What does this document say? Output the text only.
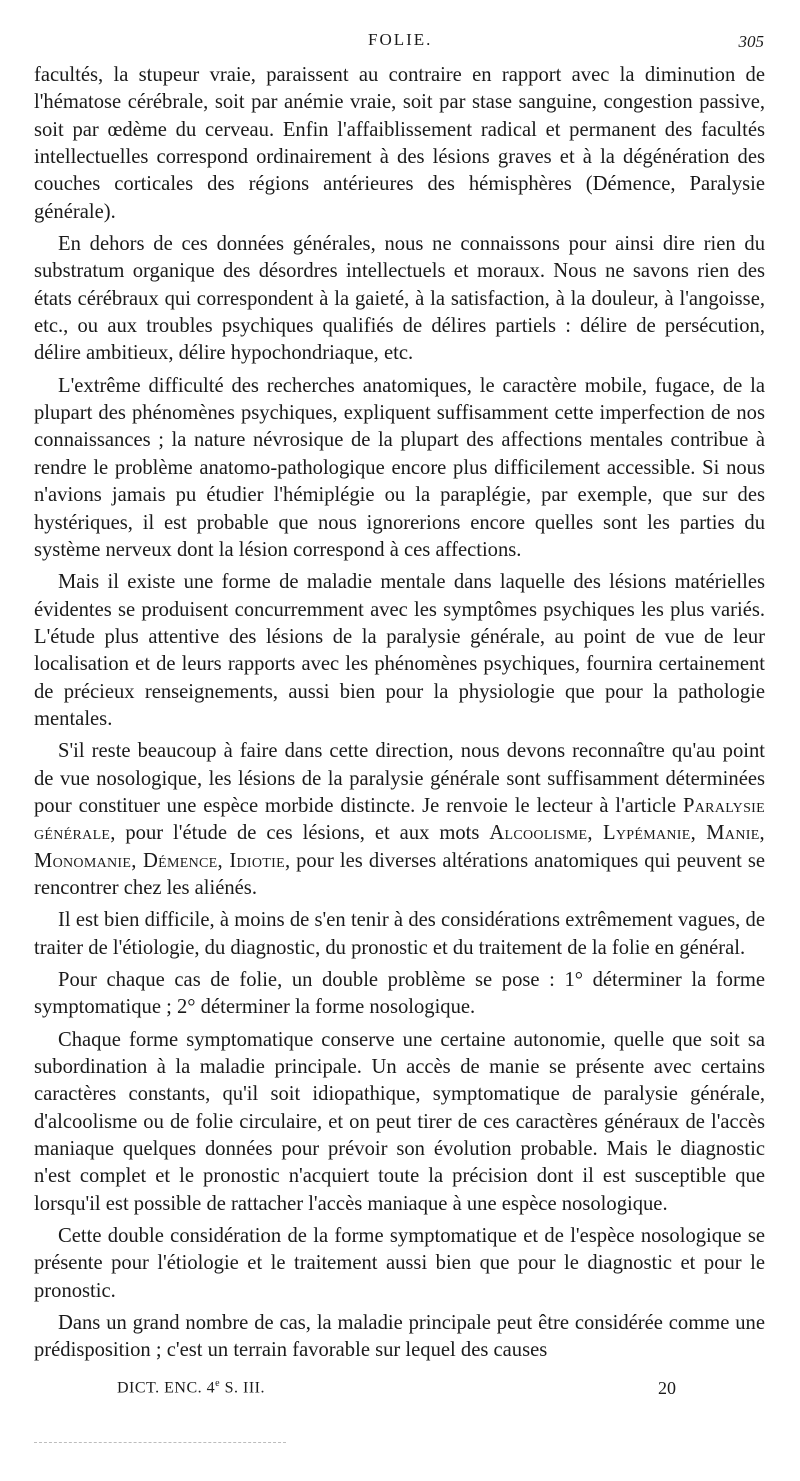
FOLIE.	305

facultés, la stupeur vraie, paraissent au contraire en rapport avec la diminution de l'hématose cérébrale, soit par anémie vraie, soit par stase sanguine, congestion passive, soit par œdème du cerveau. Enfin l'affaiblissement radical et permanent des facultés intellectuelles correspond ordinairement à des lésions graves et à la dégénération des couches corticales des régions antérieures des hémisphères (Démence, Paralysie générale).

En dehors de ces données générales, nous ne connaissons pour ainsi dire rien du substratum organique des désordres intellectuels et moraux. Nous ne savons rien des états cérébraux qui correspondent à la gaieté, à la satisfaction, à la douleur, à l'angoisse, etc., ou aux troubles psychiques qualifiés de délires partiels : délire de persécution, délire ambitieux, délire hypochondriaque, etc.

L'extrême difficulté des recherches anatomiques, le caractère mobile, fugace, de la plupart des phénomènes psychiques, expliquent suffisamment cette imperfection de nos connaissances ; la nature névrosique de la plupart des affections mentales contribue à rendre le problème anatomo-pathologique encore plus difficilement accessible. Si nous n'avions jamais pu étudier l'hémiplégie ou la paraplégie, par exemple, que sur des hystériques, il est probable que nous ignorerions encore quelles sont les parties du système nerveux dont la lésion correspond à ces affections.

Mais il existe une forme de maladie mentale dans laquelle des lésions matérielles évidentes se produisent concurremment avec les symptômes psychiques les plus variés. L'étude plus attentive des lésions de la paralysie générale, au point de vue de leur localisation et de leurs rapports avec les phénomènes psychiques, fournira certainement de précieux renseignements, aussi bien pour la physiologie que pour la pathologie mentales.

S'il reste beaucoup à faire dans cette direction, nous devons reconnaître qu'au point de vue nosologique, les lésions de la paralysie générale sont suffisamment déterminées pour constituer une espèce morbide distincte. Je renvoie le lecteur à l'article Paralysie générale, pour l'étude de ces lésions, et aux mots Alcoolisme, Lypémanie, Manie, Monomanie, Démence, Idiotie, pour les diverses altérations anatomiques qui peuvent se rencontrer chez les aliénés.

Il est bien difficile, à moins de s'en tenir à des considérations extrêmement vagues, de traiter de l'étiologie, du diagnostic, du pronostic et du traitement de la folie en général.

Pour chaque cas de folie, un double problème se pose : 1° déterminer la forme symptomatique ; 2° déterminer la forme nosologique.

Chaque forme symptomatique conserve une certaine autonomie, quelle que soit sa subordination à la maladie principale. Un accès de manie se présente avec certains caractères constants, qu'il soit idiopathique, symptomatique de paralysie générale, d'alcoolisme ou de folie circulaire, et on peut tirer de ces caractères généraux de l'accès maniaque quelques données pour prévoir son évolution probable. Mais le diagnostic n'est complet et le pronostic n'acquiert toute la précision dont il est susceptible que lorsqu'il est possible de rattacher l'accès maniaque à une espèce nosologique.

Cette double considération de la forme symptomatique et de l'espèce nosologique se présente pour l'étiologie et le traitement aussi bien que pour le diagnostic et pour le pronostic.

Dans un grand nombre de cas, la maladie principale peut être considérée comme une prédisposition ; c'est un terrain favorable sur lequel des causes

DICT. ENC. 4e S. III.	20
